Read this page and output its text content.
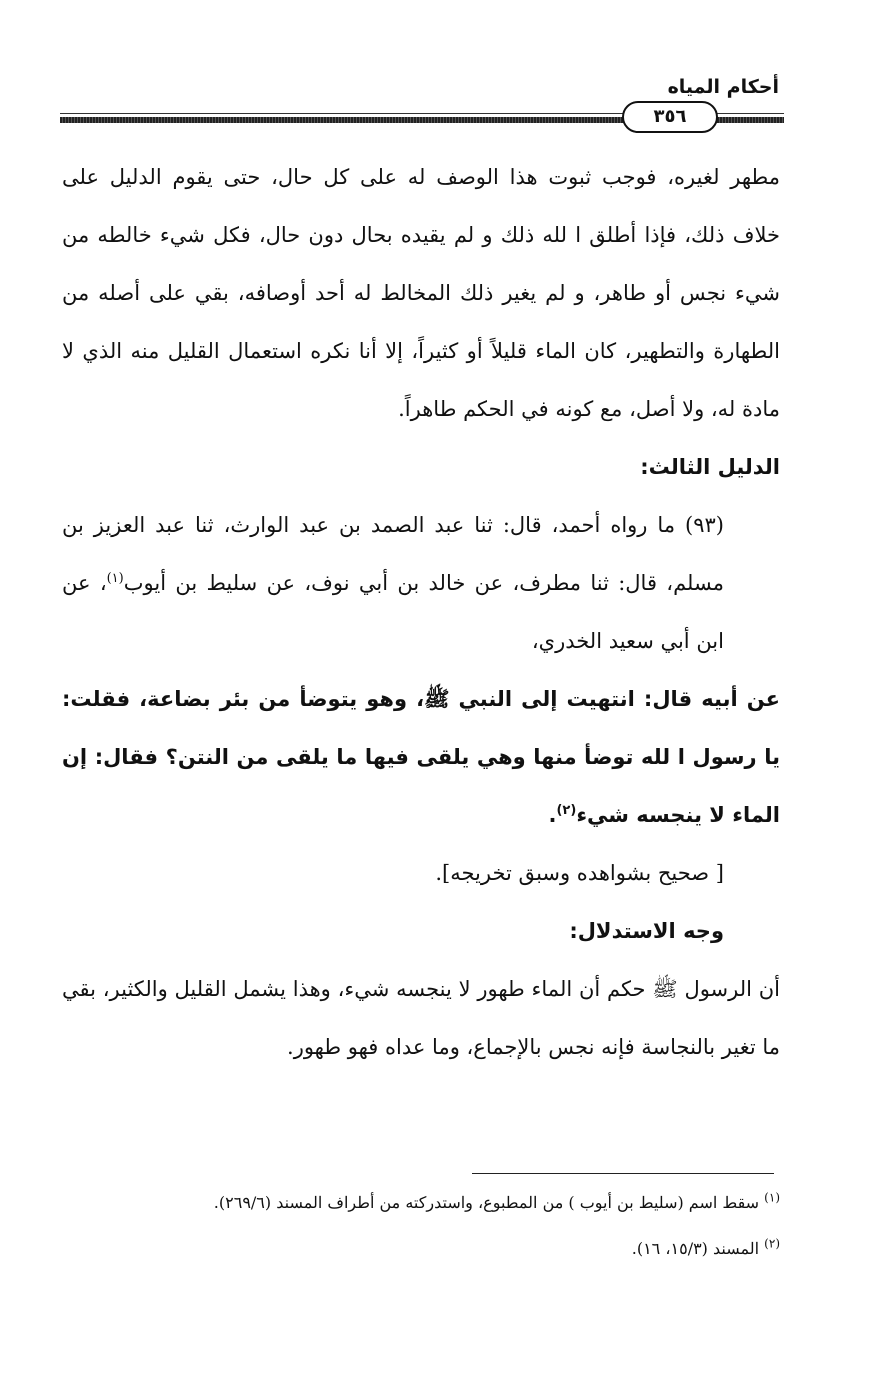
أحكام المياه
٣٥٦

مطهر لغيره، فوجب ثبوت هذا الوصف له على كل حال، حتى يقوم الدليل على خلاف ذلك، فإذا أطلق ا لله ذلك و لم يقيده بحال دون حال، فكل شيء خالطه من شيء نجس أو طاهر، و لم يغير ذلك المخالط له أحد أوصافه، بقي على أصله من الطهارة والتطهير، كان الماء قليلاً أو كثيراً، إلا أنا نكره استعمال القليل منه الذي لا مادة له، ولا أصل، مع كونه في الحكم طاهراً.

الدليل الثالث:

(٩٣) ما رواه أحمد، قال: ثنا عبد الصمد بن عبد الوارث، ثنا عبد العزيز بن مسلم، قال: ثنا مطرف، عن خالد بن أبي نوف، عن سليط بن أيوب$^{(١)}$، عن ابن أبي سعيد الخدري،

عن أبيه قال: انتهيت إلى النبي ﷺ، وهو يتوضأ من بئر بضاعة، فقلت: يا رسول ا لله توضأ منها وهي يلقى فيها ما يلقى من النتن؟ فقال: إن الماء لا ينجسه شيء$^{(٢)}$.

[ صحيح بشواهده وسبق تخريجه].

وجه الاستدلال:

أن الرسول ﷺ حكم أن الماء طهور لا ينجسه شيء، وهذا يشمل القليل والكثير، بقي ما تغير بالنجاسة فإنه نجس بالإجماع، وما عداه فهو طهور.

$^{(١)}$ سقط اسم (سليط بن أيوب ) من المطبوع، واستدركته من أطراف المسند (٢٦٩/٦).

$^{(٢)}$ المسند (١٥/٣، ١٦).
